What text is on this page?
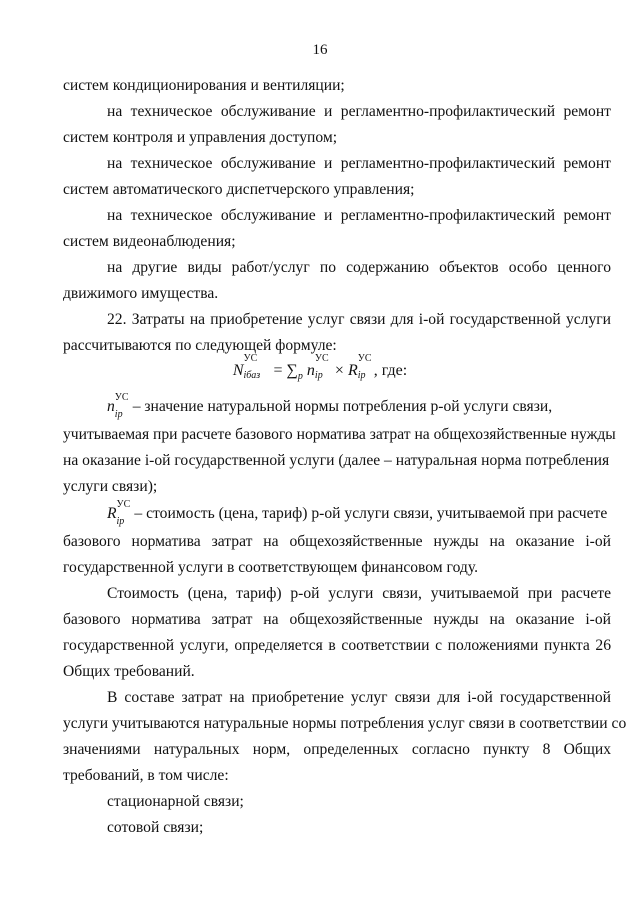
16
систем кондиционирования и вентиляции;
на техническое обслуживание и регламентно-профилактический ремонт
систем контроля и управления доступом;
на техническое обслуживание и регламентно-профилактический ремонт
систем автоматического диспетчерского управления;
на техническое обслуживание и регламентно-профилактический ремонт
систем видеонаблюдения;
на другие виды работ/услуг по содержанию объектов особо ценного
движимого имущества.
22. Затраты на приобретение услуг связи для i-ой государственной услуги
рассчитываются по следующей формуле:
N
УС
iбаз = $\sum_p$ n
УС
ip × R
УС
ip , где:
n
УС
ip – значение натуральной нормы потребления р-ой услуги связи,
учитываемая при расчете базового норматива затрат на общехозяйственные нужды
на оказание i-ой государственной услуги (далее – натуральная норма потребления
услуги связи);
R
УС
ip – стоимость (цена, тариф) р-ой услуги связи, учитываемой при расчете
базового норматива затрат на общехозяйственные нужды на оказание i-ой
государственной услуги в соответствующем финансовом году.
Стоимость (цена, тариф) р-ой услуги связи, учитываемой при расчете
базового норматива затрат на общехозяйственные нужды на оказание i-ой
государственной услуги, определяется в соответствии с положениями пункта 26
Общих требований.
В составе затрат на приобретение услуг связи для i-ой государственной
услуги учитываются натуральные нормы потребления услуг связи в соответствии со
значениями натуральных норм, определенных согласно пункту 8 Общих
требований, в том числе:
стационарной связи;
сотовой связи;
